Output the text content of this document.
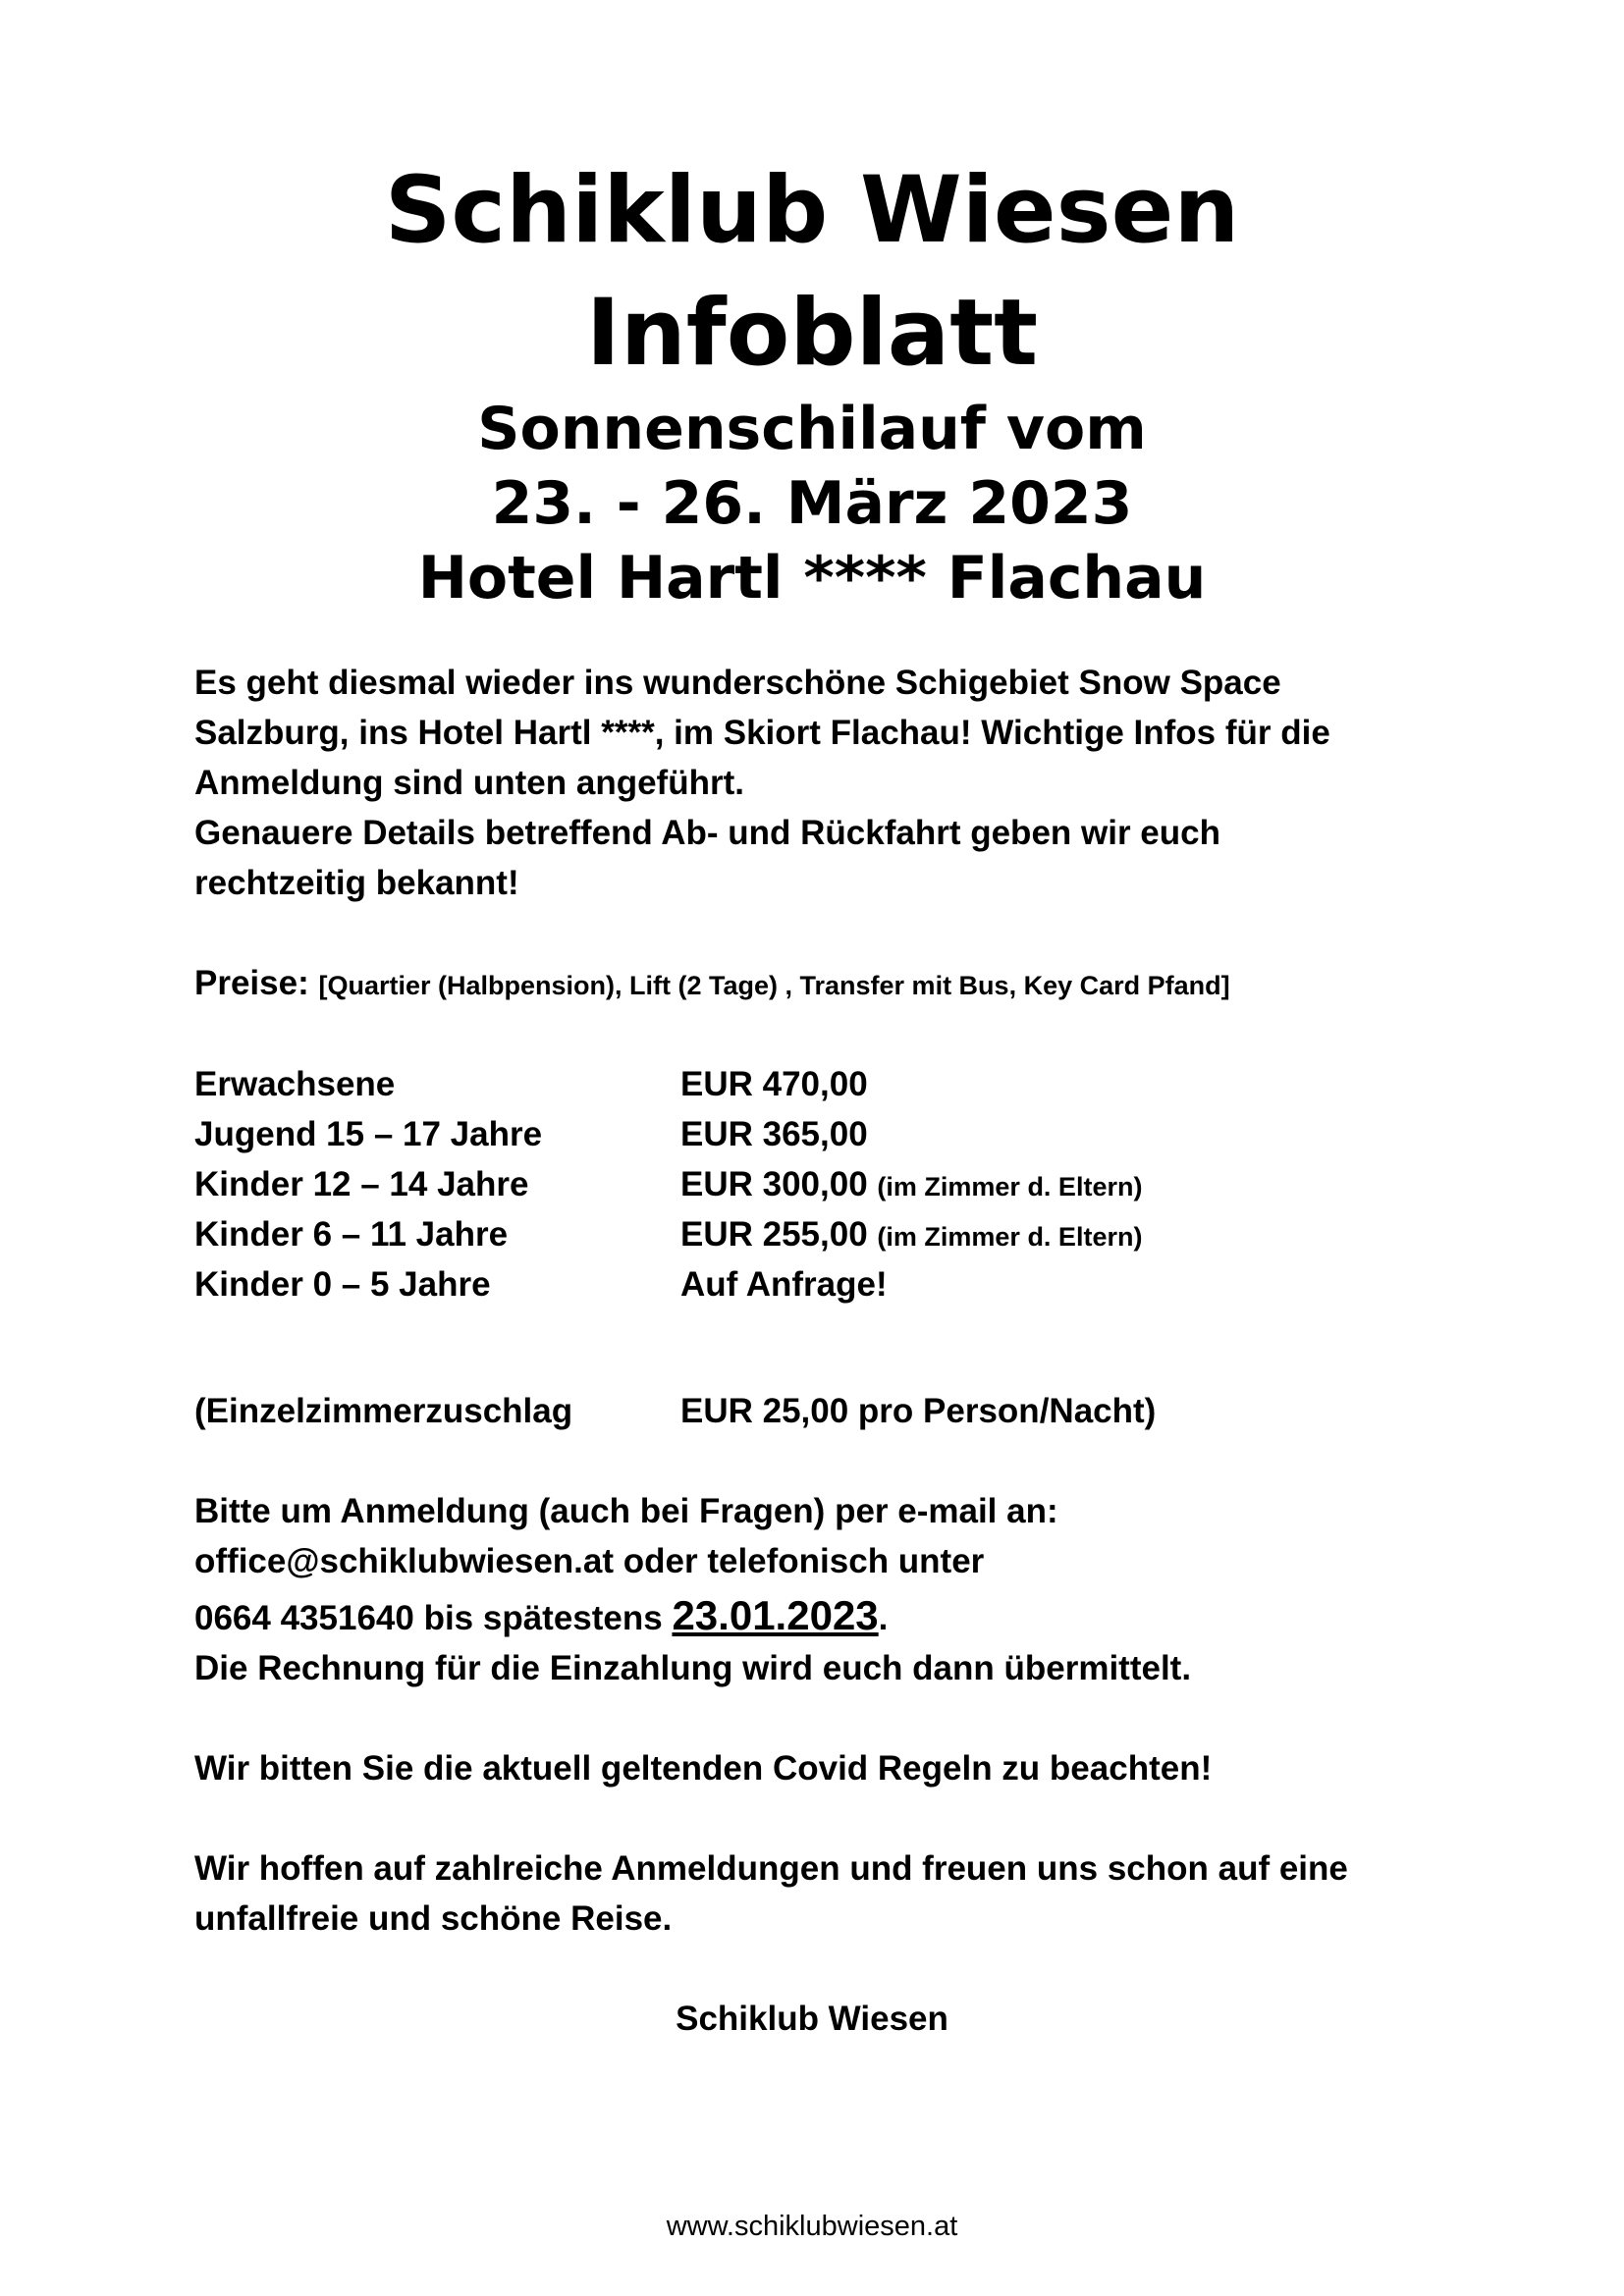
Schiklub Wiesen
Infoblatt
Sonnenschilauf vom
23. - 26. März 2023
Hotel Hartl **** Flachau
Es geht diesmal wieder ins wunderschöne Schigebiet Snow Space
Salzburg, ins Hotel Hartl ****, im Skiort Flachau! Wichtige Infos für die
Anmeldung sind unten angeführt.
Genauere Details betreffend Ab- und Rückfahrt geben wir euch
rechtzeitig bekannt!
Preise: [Quartier (Halbpension), Lift (2 Tage) , Transfer mit Bus, Key Card Pfand]
Erwachsene	EUR 470,00
Jugend 15 – 17 Jahre	EUR 365,00
Kinder 12 – 14 Jahre	EUR 300,00 (im Zimmer d. Eltern)
Kinder 6 – 11 Jahre	EUR 255,00 (im Zimmer d. Eltern)
Kinder 0 – 5 Jahre	Auf Anfrage!
(Einzelzimmerzuschlag	EUR 25,00 pro Person/Nacht)
Bitte um Anmeldung (auch bei Fragen) per e-mail an:
office@schiklubwiesen.at oder telefonisch unter
0664 4351640 bis spätestens 23.01.2023.
Die Rechnung für die Einzahlung wird euch dann übermittelt.
Wir bitten Sie die aktuell geltenden Covid Regeln zu beachten!
Wir hoffen auf zahlreiche Anmeldungen und freuen uns schon auf eine
unfallfreie und schöne Reise.
Schiklub Wiesen
www.schiklubwiesen.at
